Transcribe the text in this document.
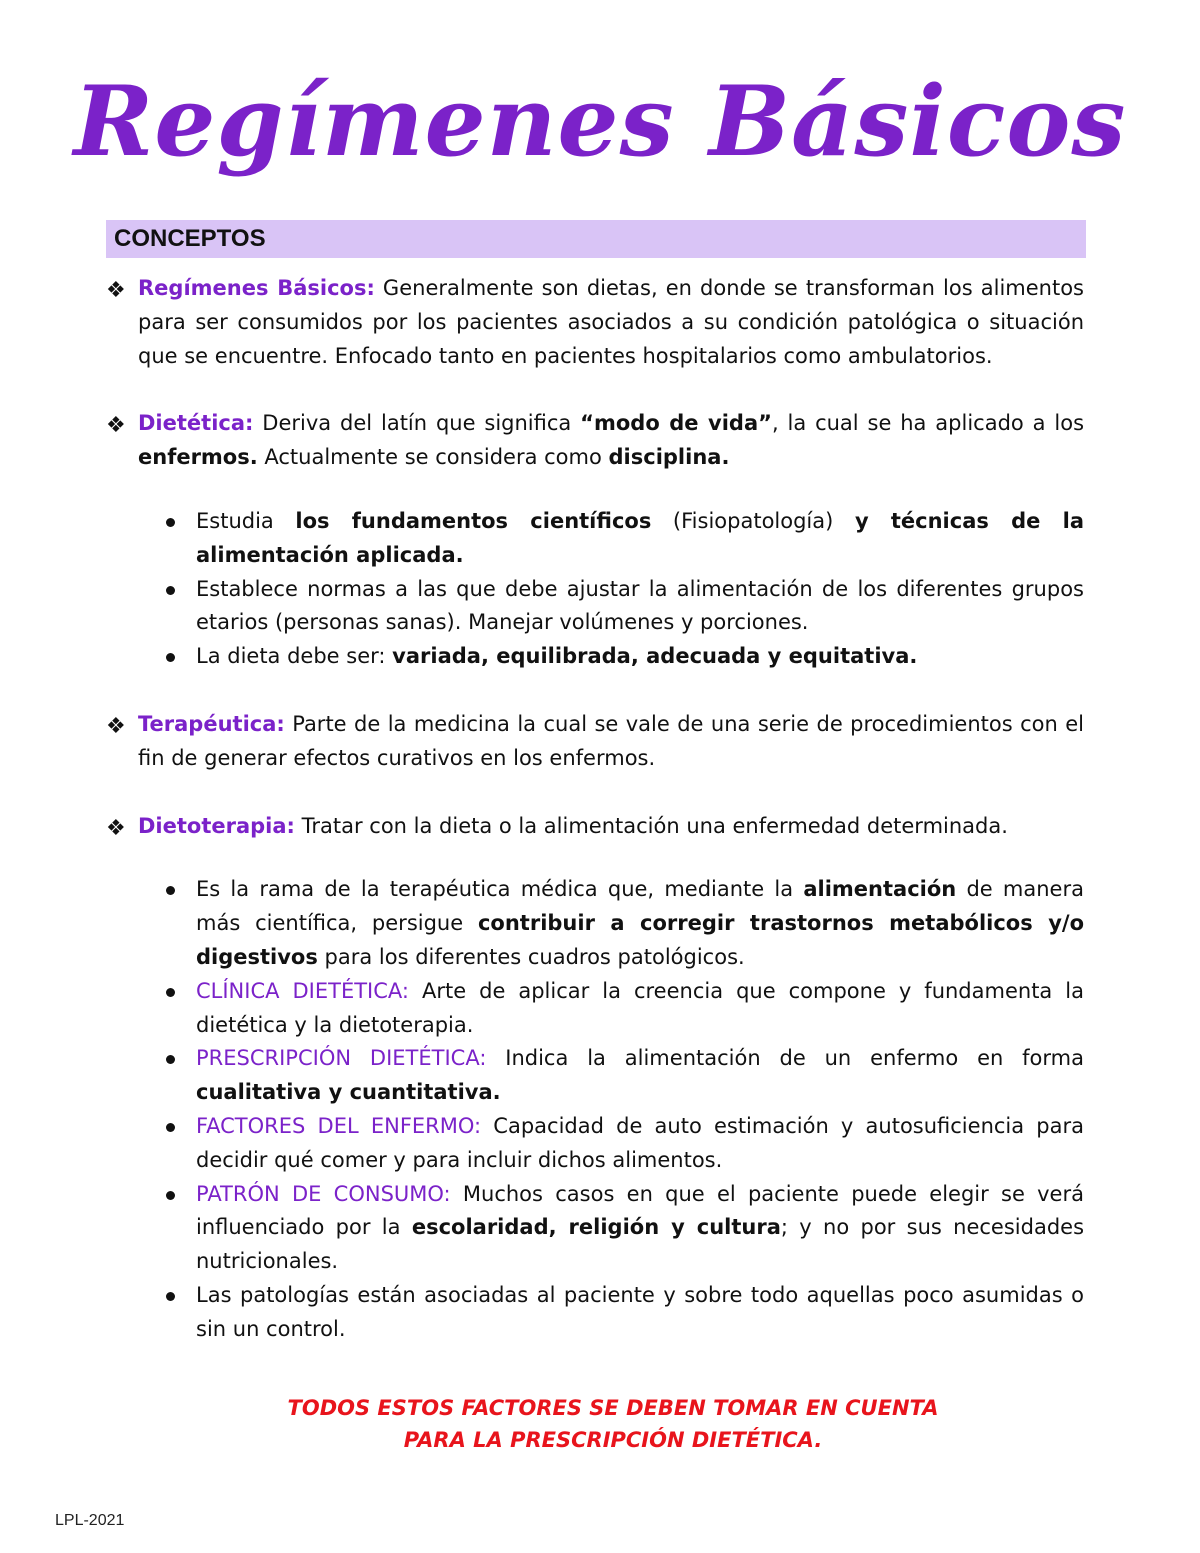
Regímenes Básicos
CONCEPTOS
❖ Regímenes Básicos: Generalmente son dietas, en donde se transforman los alimentos para ser consumidos por los pacientes asociados a su condición patológica o situación que se encuentre. Enfocado tanto en pacientes hospitalarios como ambulatorios.
❖ Dietética: Deriva del latín que significa “modo de vida”, la cual se ha aplicado a los enfermos. Actualmente se considera como disciplina.
Estudia los fundamentos científicos (Fisiopatología) y técnicas de la alimentación aplicada.
Establece normas a las que debe ajustar la alimentación de los diferentes grupos etarios (personas sanas). Manejar volúmenes y porciones.
La dieta debe ser: variada, equilibrada, adecuada y equitativa.
❖ Terapéutica: Parte de la medicina la cual se vale de una serie de procedimientos con el fin de generar efectos curativos en los enfermos.
❖ Dietoterapia: Tratar con la dieta o la alimentación una enfermedad determinada.
Es la rama de la terapéutica médica que, mediante la alimentación de manera más científica, persigue contribuir a corregir trastornos metabólicos y/o digestivos para los diferentes cuadros patológicos.
CLÍNICA DIETÉTICA: Arte de aplicar la creencia que compone y fundamenta la dietética y la dietoterapia.
PRESCRIPCIÓN DIETÉTICA: Indica la alimentación de un enfermo en forma cualitativa y cuantitativa.
FACTORES DEL ENFERMO: Capacidad de auto estimación y autosuficiencia para decidir qué comer y para incluir dichos alimentos.
PATRÓN DE CONSUMO: Muchos casos en que el paciente puede elegir se verá influenciado por la escolaridad, religión y cultura; y no por sus necesidades nutricionales.
Las patologías están asociadas al paciente y sobre todo aquellas poco asumidas o sin un control.
TODOS ESTOS FACTORES SE DEBEN TOMAR EN CUENTA
PARA LA PRESCRIPCIÓN DIETÉTICA.
LPL-2021
